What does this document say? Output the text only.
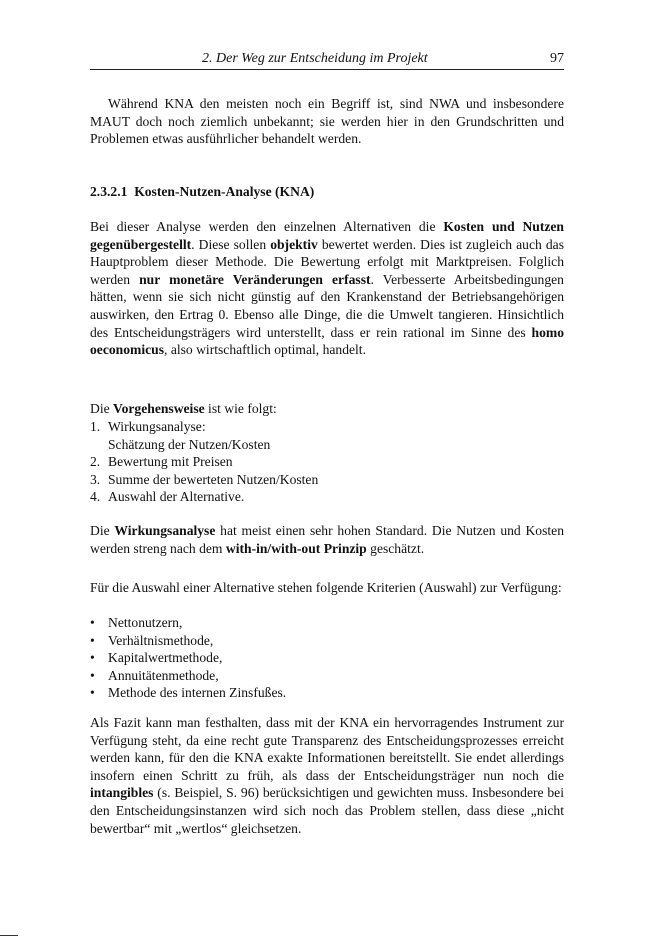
2. Der Weg zur Entscheidung im Projekt	97

Während KNA den meisten noch ein Begriff ist, sind NWA und insbesondere MAUT doch noch ziemlich unbekannt; sie werden hier in den Grundschritten und Problemen etwas ausführlicher behandelt werden.

2.3.2.1 Kosten-Nutzen-Analyse (KNA)

Bei dieser Analyse werden den einzelnen Alternativen die Kosten und Nutzen gegenübergestellt. Diese sollen objektiv bewertet werden. Dies ist zugleich auch das Hauptproblem dieser Methode. Die Bewertung erfolgt mit Marktpreisen. Folglich werden nur monetäre Veränderungen erfasst. Verbesserte Arbeitsbedingungen hätten, wenn sie sich nicht günstig auf den Krankenstand der Betriebsangehörigen auswirken, den Ertrag 0. Ebenso alle Dinge, die die Umwelt tangieren. Hinsichtlich des Entscheidungsträgers wird unterstellt, dass er rein rational im Sinne des homo oeconomicus, also wirtschaftlich optimal, handelt.

Die Vorgehensweise ist wie folgt:

1. Wirkungsanalyse:
Schätzung der Nutzen/Kosten
2. Bewertung mit Preisen
3. Summe der bewerteten Nutzen/Kosten
4. Auswahl der Alternative.

Die Wirkungsanalyse hat meist einen sehr hohen Standard. Die Nutzen und Kosten werden streng nach dem with-in/with-out Prinzip geschätzt.

Für die Auswahl einer Alternative stehen folgende Kriterien (Auswahl) zur Verfügung:

• Nettonutzern,
• Verhältnismethode,
• Kapitalwertmethode,
• Annuitätenmethode,
• Methode des internen Zinsfußes.

Als Fazit kann man festhalten, dass mit der KNA ein hervorragendes Instrument zur Verfügung steht, da eine recht gute Transparenz des Entscheidungsprozesses erreicht werden kann, für den die KNA exakte Informationen bereitstellt. Sie endet allerdings insofern einen Schritt zu früh, als dass der Entscheidungsträger nun noch die intangibles (s. Beispiel, S. 96) berücksichtigen und gewichten muss. Insbesondere bei den Entscheidungsinstanzen wird sich noch das Problem stellen, dass diese „nicht bewertbar“ mit „wertlos“ gleichsetzen.
